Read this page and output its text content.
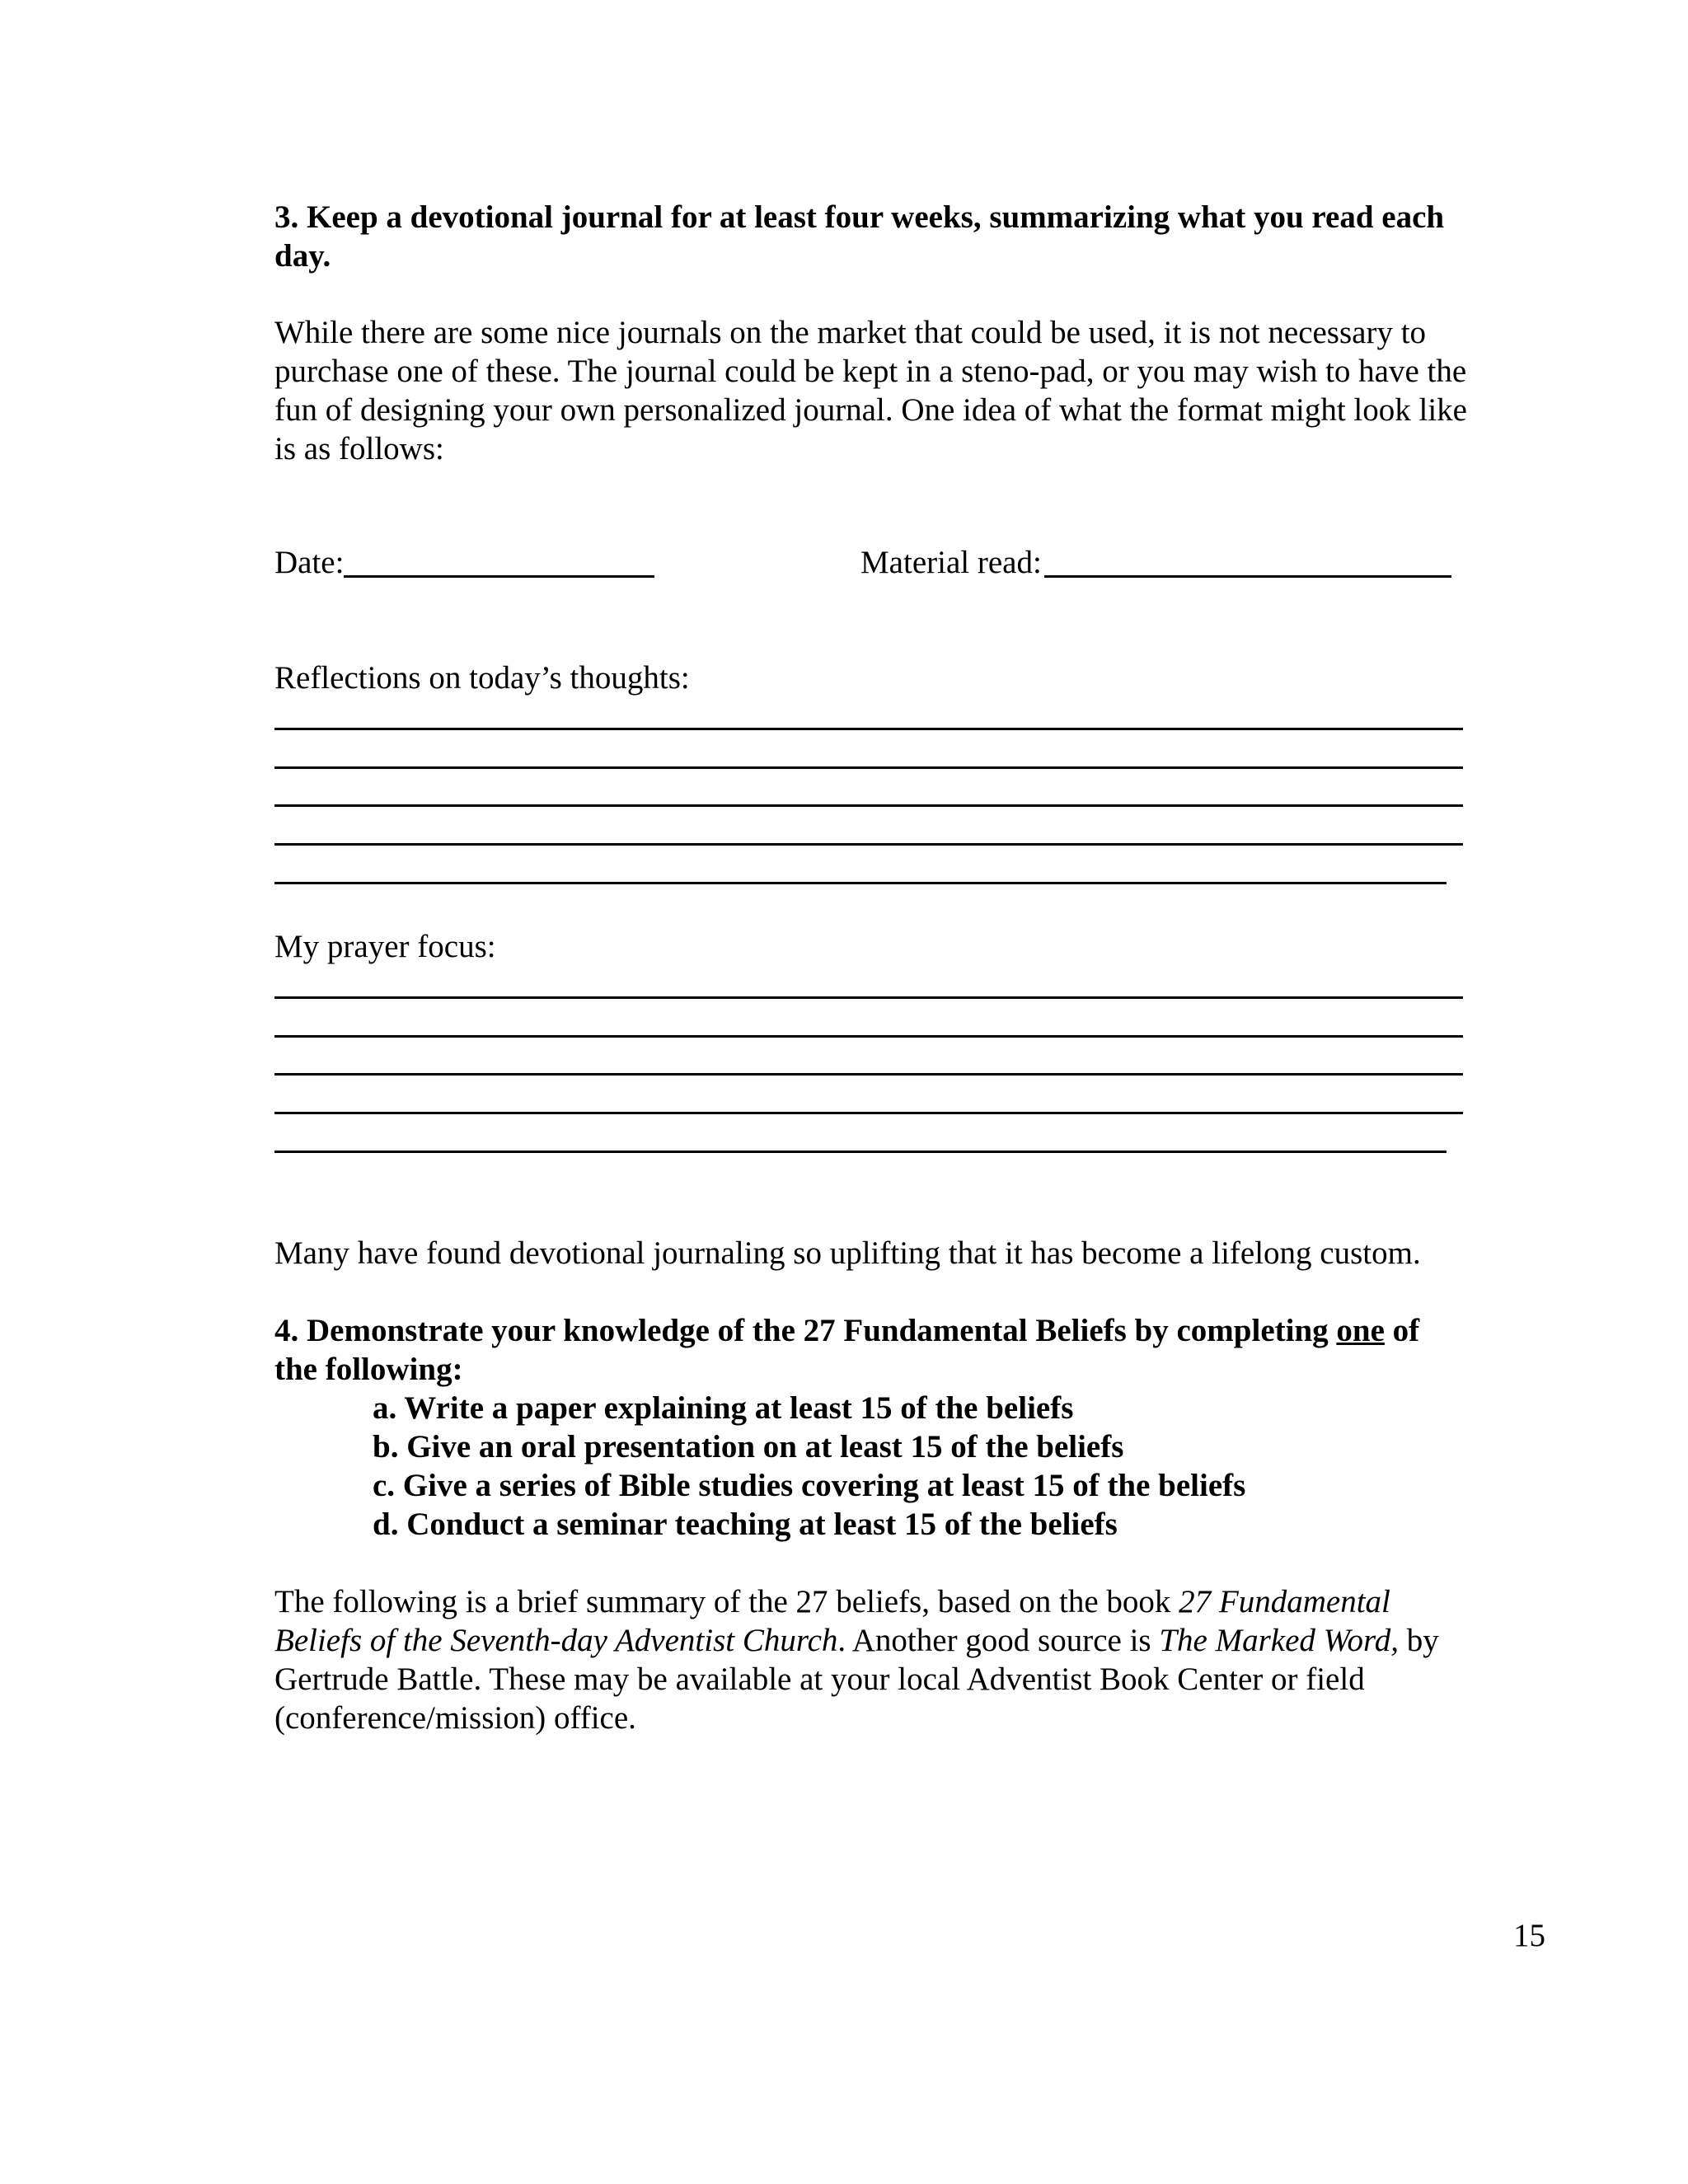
3. Keep a devotional journal for at least four weeks, summarizing what you read each day.

While there are some nice journals on the market that could be used, it is not necessary to purchase one of these. The journal could be kept in a steno-pad, or you may wish to have the fun of designing your own personalized journal. One idea of what the format might look like is as follows:

Date:	Material read:
Reflections on today’s thoughts:
My prayer focus:

Many have found devotional journaling so uplifting that it has become a lifelong custom.

4. Demonstrate your knowledge of the 27 Fundamental Beliefs by completing one of the following:

a. Write a paper explaining at least 15 of the beliefs
b. Give an oral presentation on at least 15 of the beliefs
c. Give a series of Bible studies covering at least 15 of the beliefs
d. Conduct a seminar teaching at least 15 of the beliefs

The following is a brief summary of the 27 beliefs, based on the book 27 Fundamental Beliefs of the Seventh-day Adventist Church. Another good source is The Marked Word, by Gertrude Battle. These may be available at your local Adventist Book Center or field (conference/mission) office.

15
